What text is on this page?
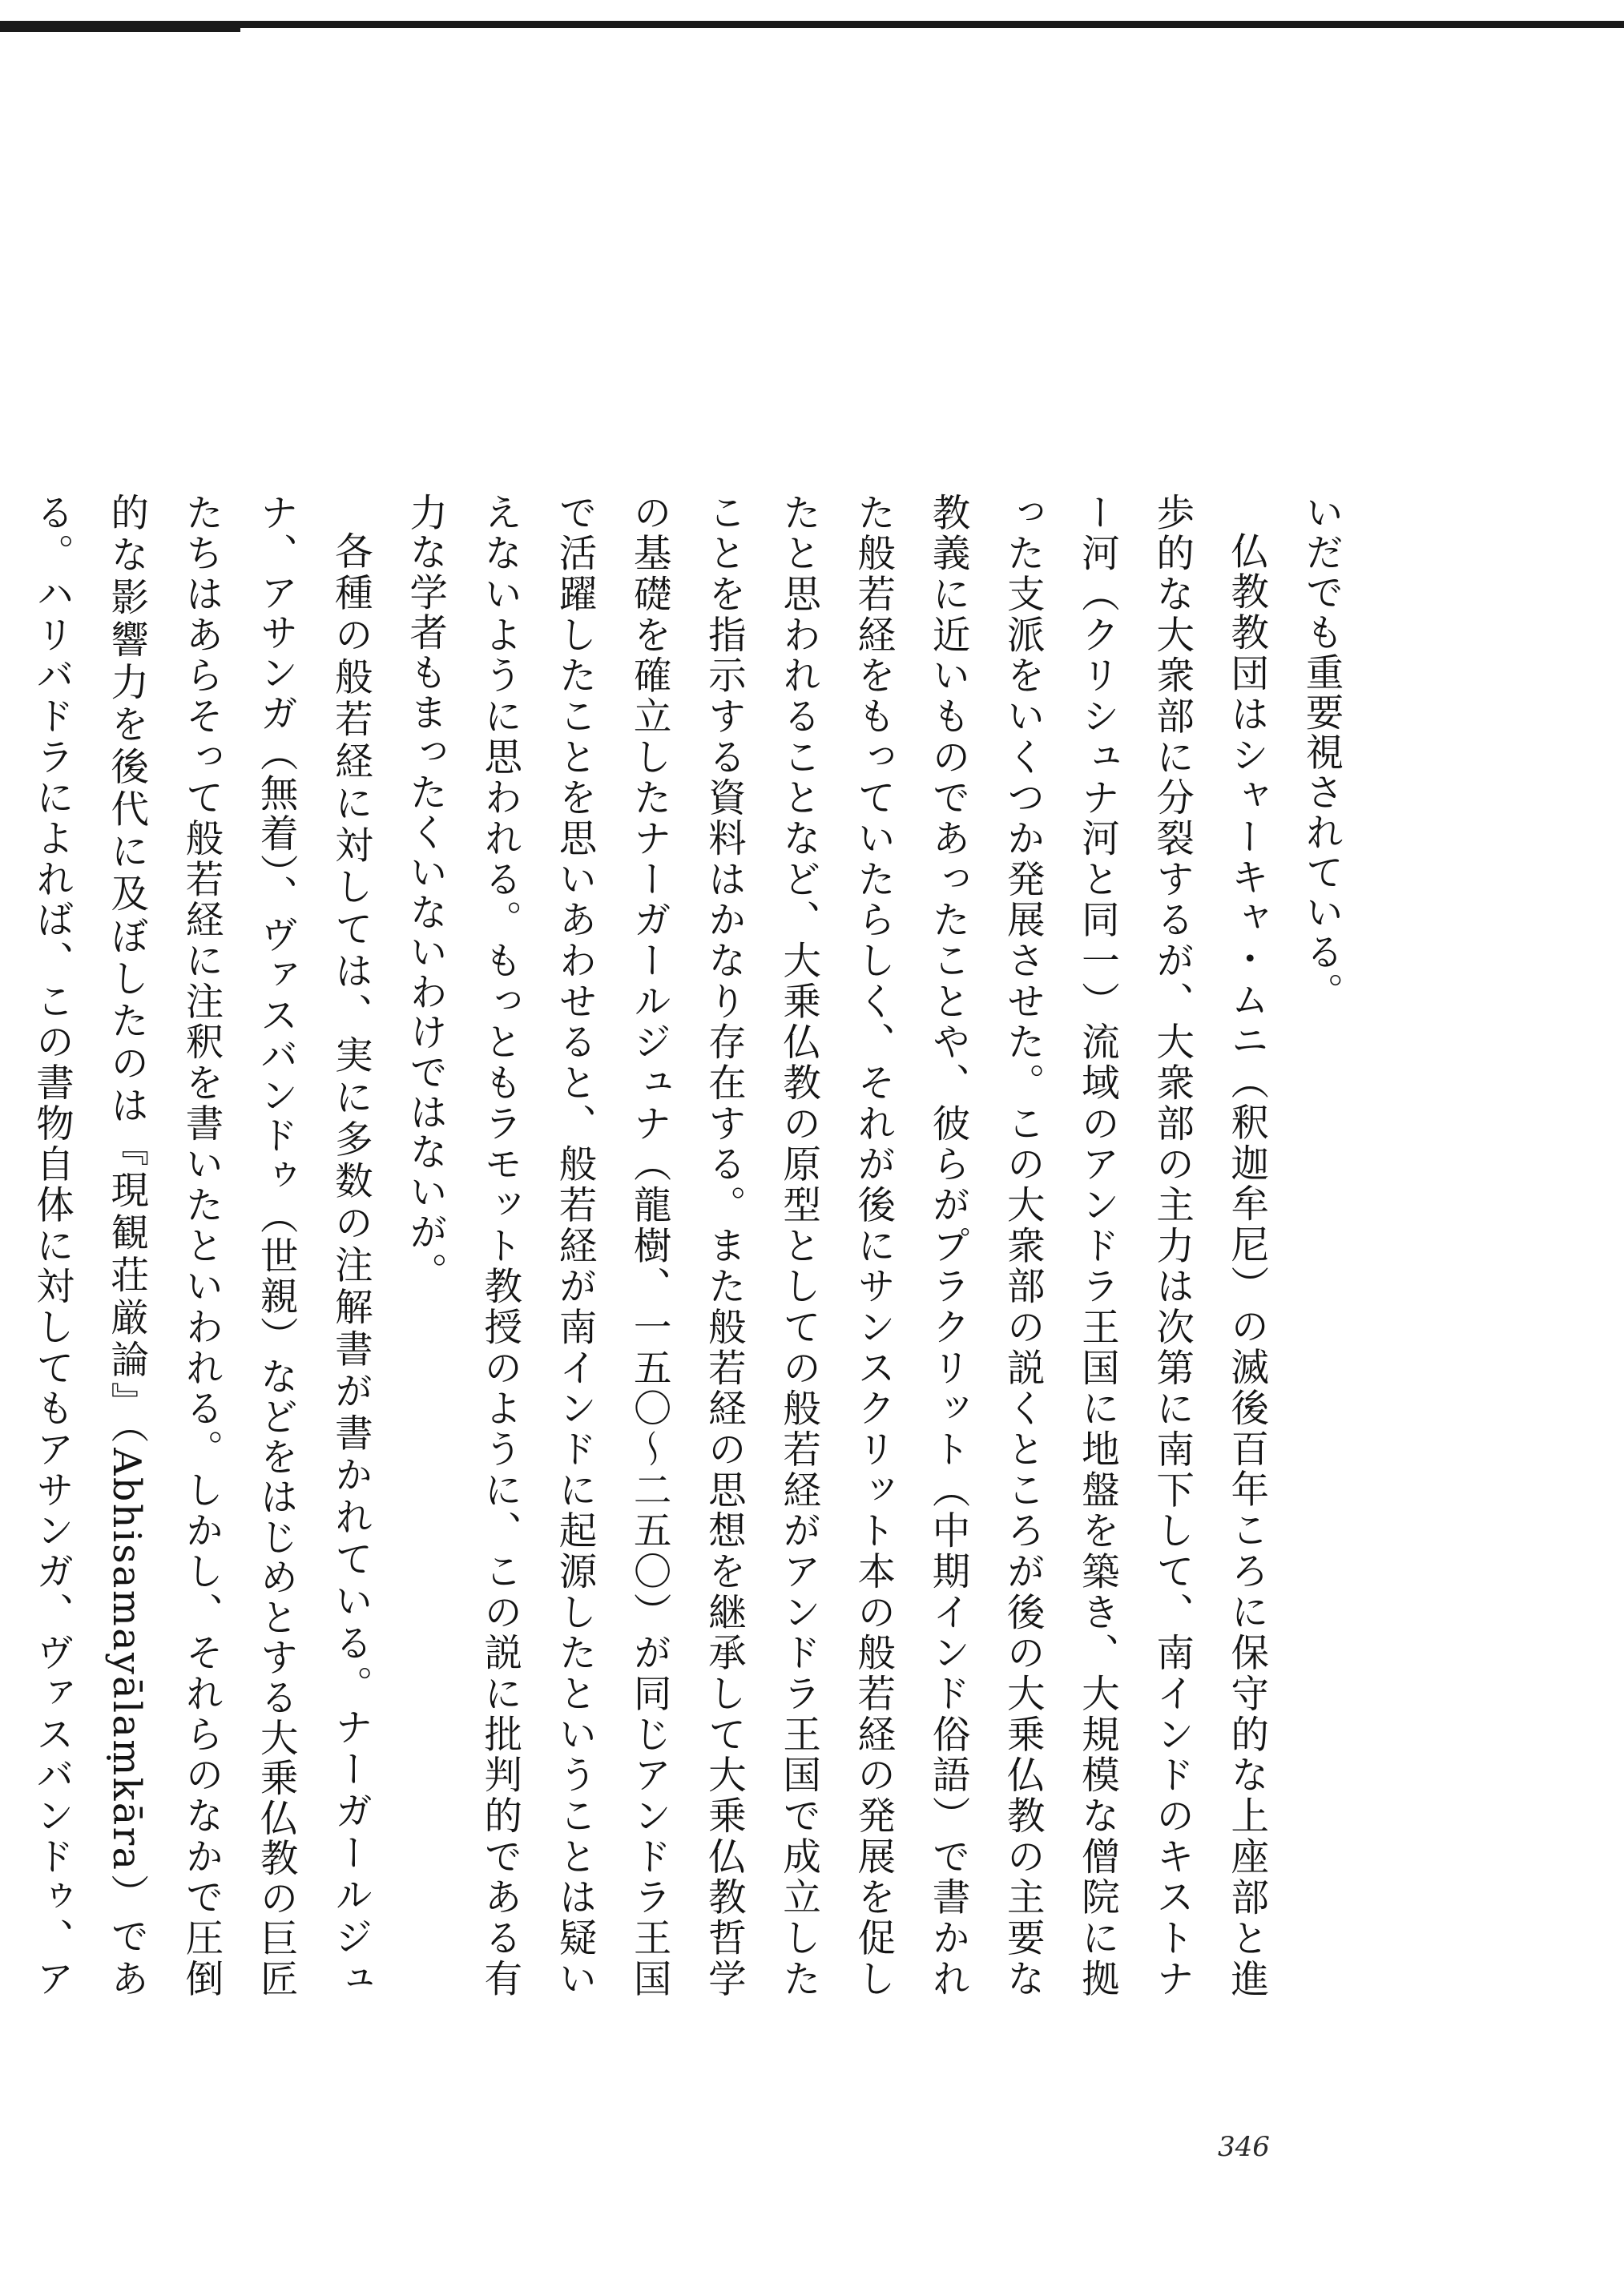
いだでも重要視されている。

仏教教団はシャーキャ・ムニ（釈迦牟尼）の滅後百年ころに保守的な上座部と進歩的な大衆部に分裂するが、大衆部の主力は次第に南下して、南インドのキストナー河（クリシュナ河と同一）流域のアンドラ王国に地盤を築き、大規模な僧院に拠った支派をいくつか発展させた。この大衆部の説くところが後の大乗仏教の主要な教義に近いものであったことや、彼らがプラクリット（中期インド俗語）で書かれた般若経をもっていたらしく、それが後にサンスクリット本の般若経の発展を促したと思われることなど、大乗仏教の原型としての般若経がアンドラ王国で成立したことを指示する資料はかなり存在する。また般若経の思想を継承して大乗仏教哲学の基礎を確立したナーガールジュナ（龍樹、一五〇〜二五〇）が同じアンドラ王国で活躍したことを思いあわせると、般若経が南インドに起源したということは疑いえないように思われる。もっともラモット教授のように、この説に批判的である有力な学者もまったくいないわけではないが。

各種の般若経に対しては、実に多数の注解書が書かれている。ナーガールジュナ、アサンガ（無着）、ヴァスバンドゥ（世親）などをはじめとする大乗仏教の巨匠たちはあらそって般若経に注釈を書いたといわれる。しかし、それらのなかで圧倒的な影響力を後代に及ぼしたのは『現観荘厳論』（Abhisamayālaṃkāra）である。ハリバドラによれば、この書物自体に対してもアサンガ、ヴァスバンドゥ、ア

346
